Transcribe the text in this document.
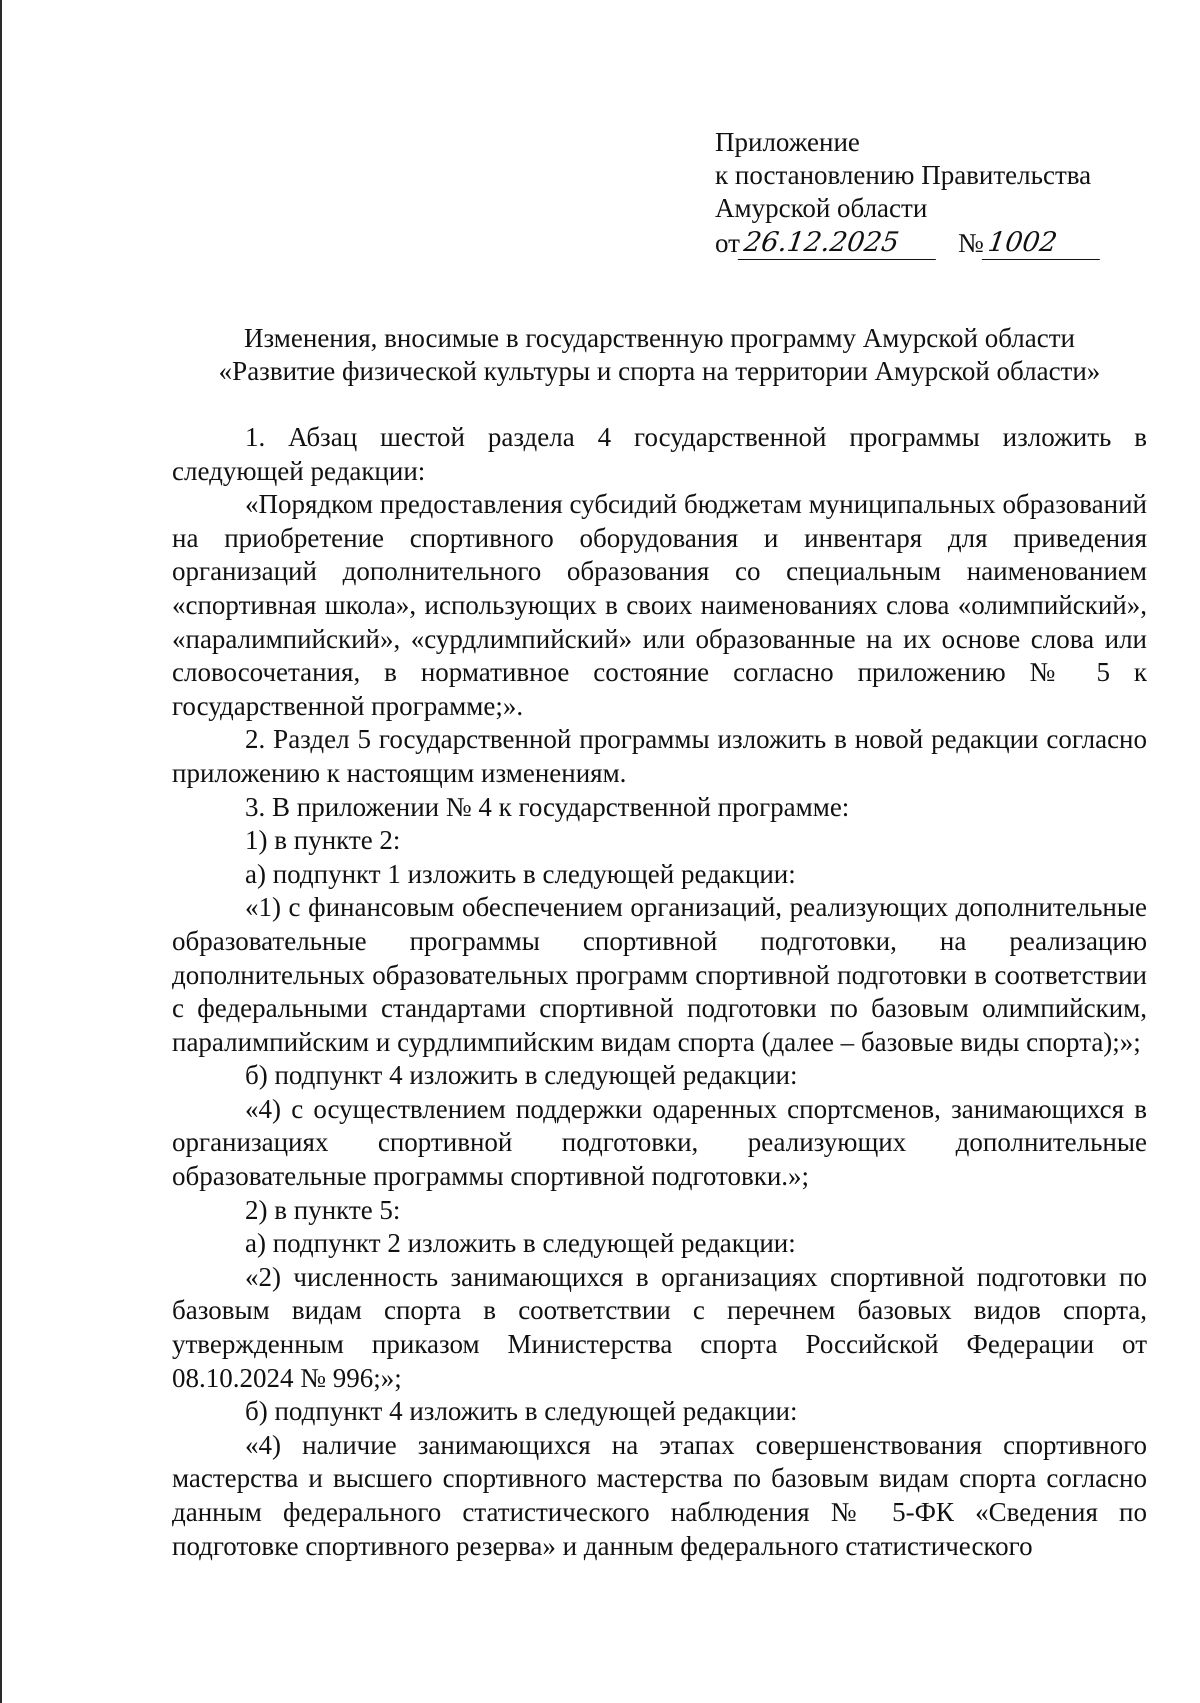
Приложение
к постановлению Правительства
Амурской области
от 26.12.2025	№ 1002
Изменения, вносимые в государственную программу Амурской области
«Развитие физической культуры и спорта на территории Амурской области»

1. Абзац шестой раздела 4 государственной программы изложить в следующей редакции:

«Порядком предоставления субсидий бюджетам муниципальных образований на приобретение спортивного оборудования и инвентаря для приведения организаций дополнительного образования со специальным наименованием «спортивная школа», использующих в своих наименованиях слова «олимпийский», «паралимпийский», «сурдлимпийский» или образованные на их основе слова или словосочетания, в нормативное состояние согласно приложению № 5 к государственной программе;».

2. Раздел 5 государственной программы изложить в новой редакции согласно приложению к настоящим изменениям.

3. В приложении № 4 к государственной программе:

1) в пункте 2:

а) подпункт 1 изложить в следующей редакции:

«1) с финансовым обеспечением организаций, реализующих дополнительные образовательные программы спортивной подготовки, на реализацию дополнительных образовательных программ спортивной подготовки в соответствии с федеральными стандартами спортивной подготовки по базовым олимпийским, паралимпийским и сурдлимпийским видам спорта (далее – базовые виды спорта);»;

б) подпункт 4 изложить в следующей редакции:

«4) с осуществлением поддержки одаренных спортсменов, занимающихся в организациях спортивной подготовки, реализующих дополнительные образовательные программы спортивной подготовки.»;

2) в пункте 5:

а) подпункт 2 изложить в следующей редакции:

«2) численность занимающихся в организациях спортивной подготовки по базовым видам спорта в соответствии с перечнем базовых видов спорта, утвержденным приказом Министерства спорта Российской Федерации от 08.10.2024 № 996;»;

б) подпункт 4 изложить в следующей редакции:

«4) наличие занимающихся на этапах совершенствования спортивного мастерства и высшего спортивного мастерства по базовым видам спорта согласно данным федерального статистического наблюдения № 5-ФК «Сведения по подготовке спортивного резерва» и данным федерального статистического
